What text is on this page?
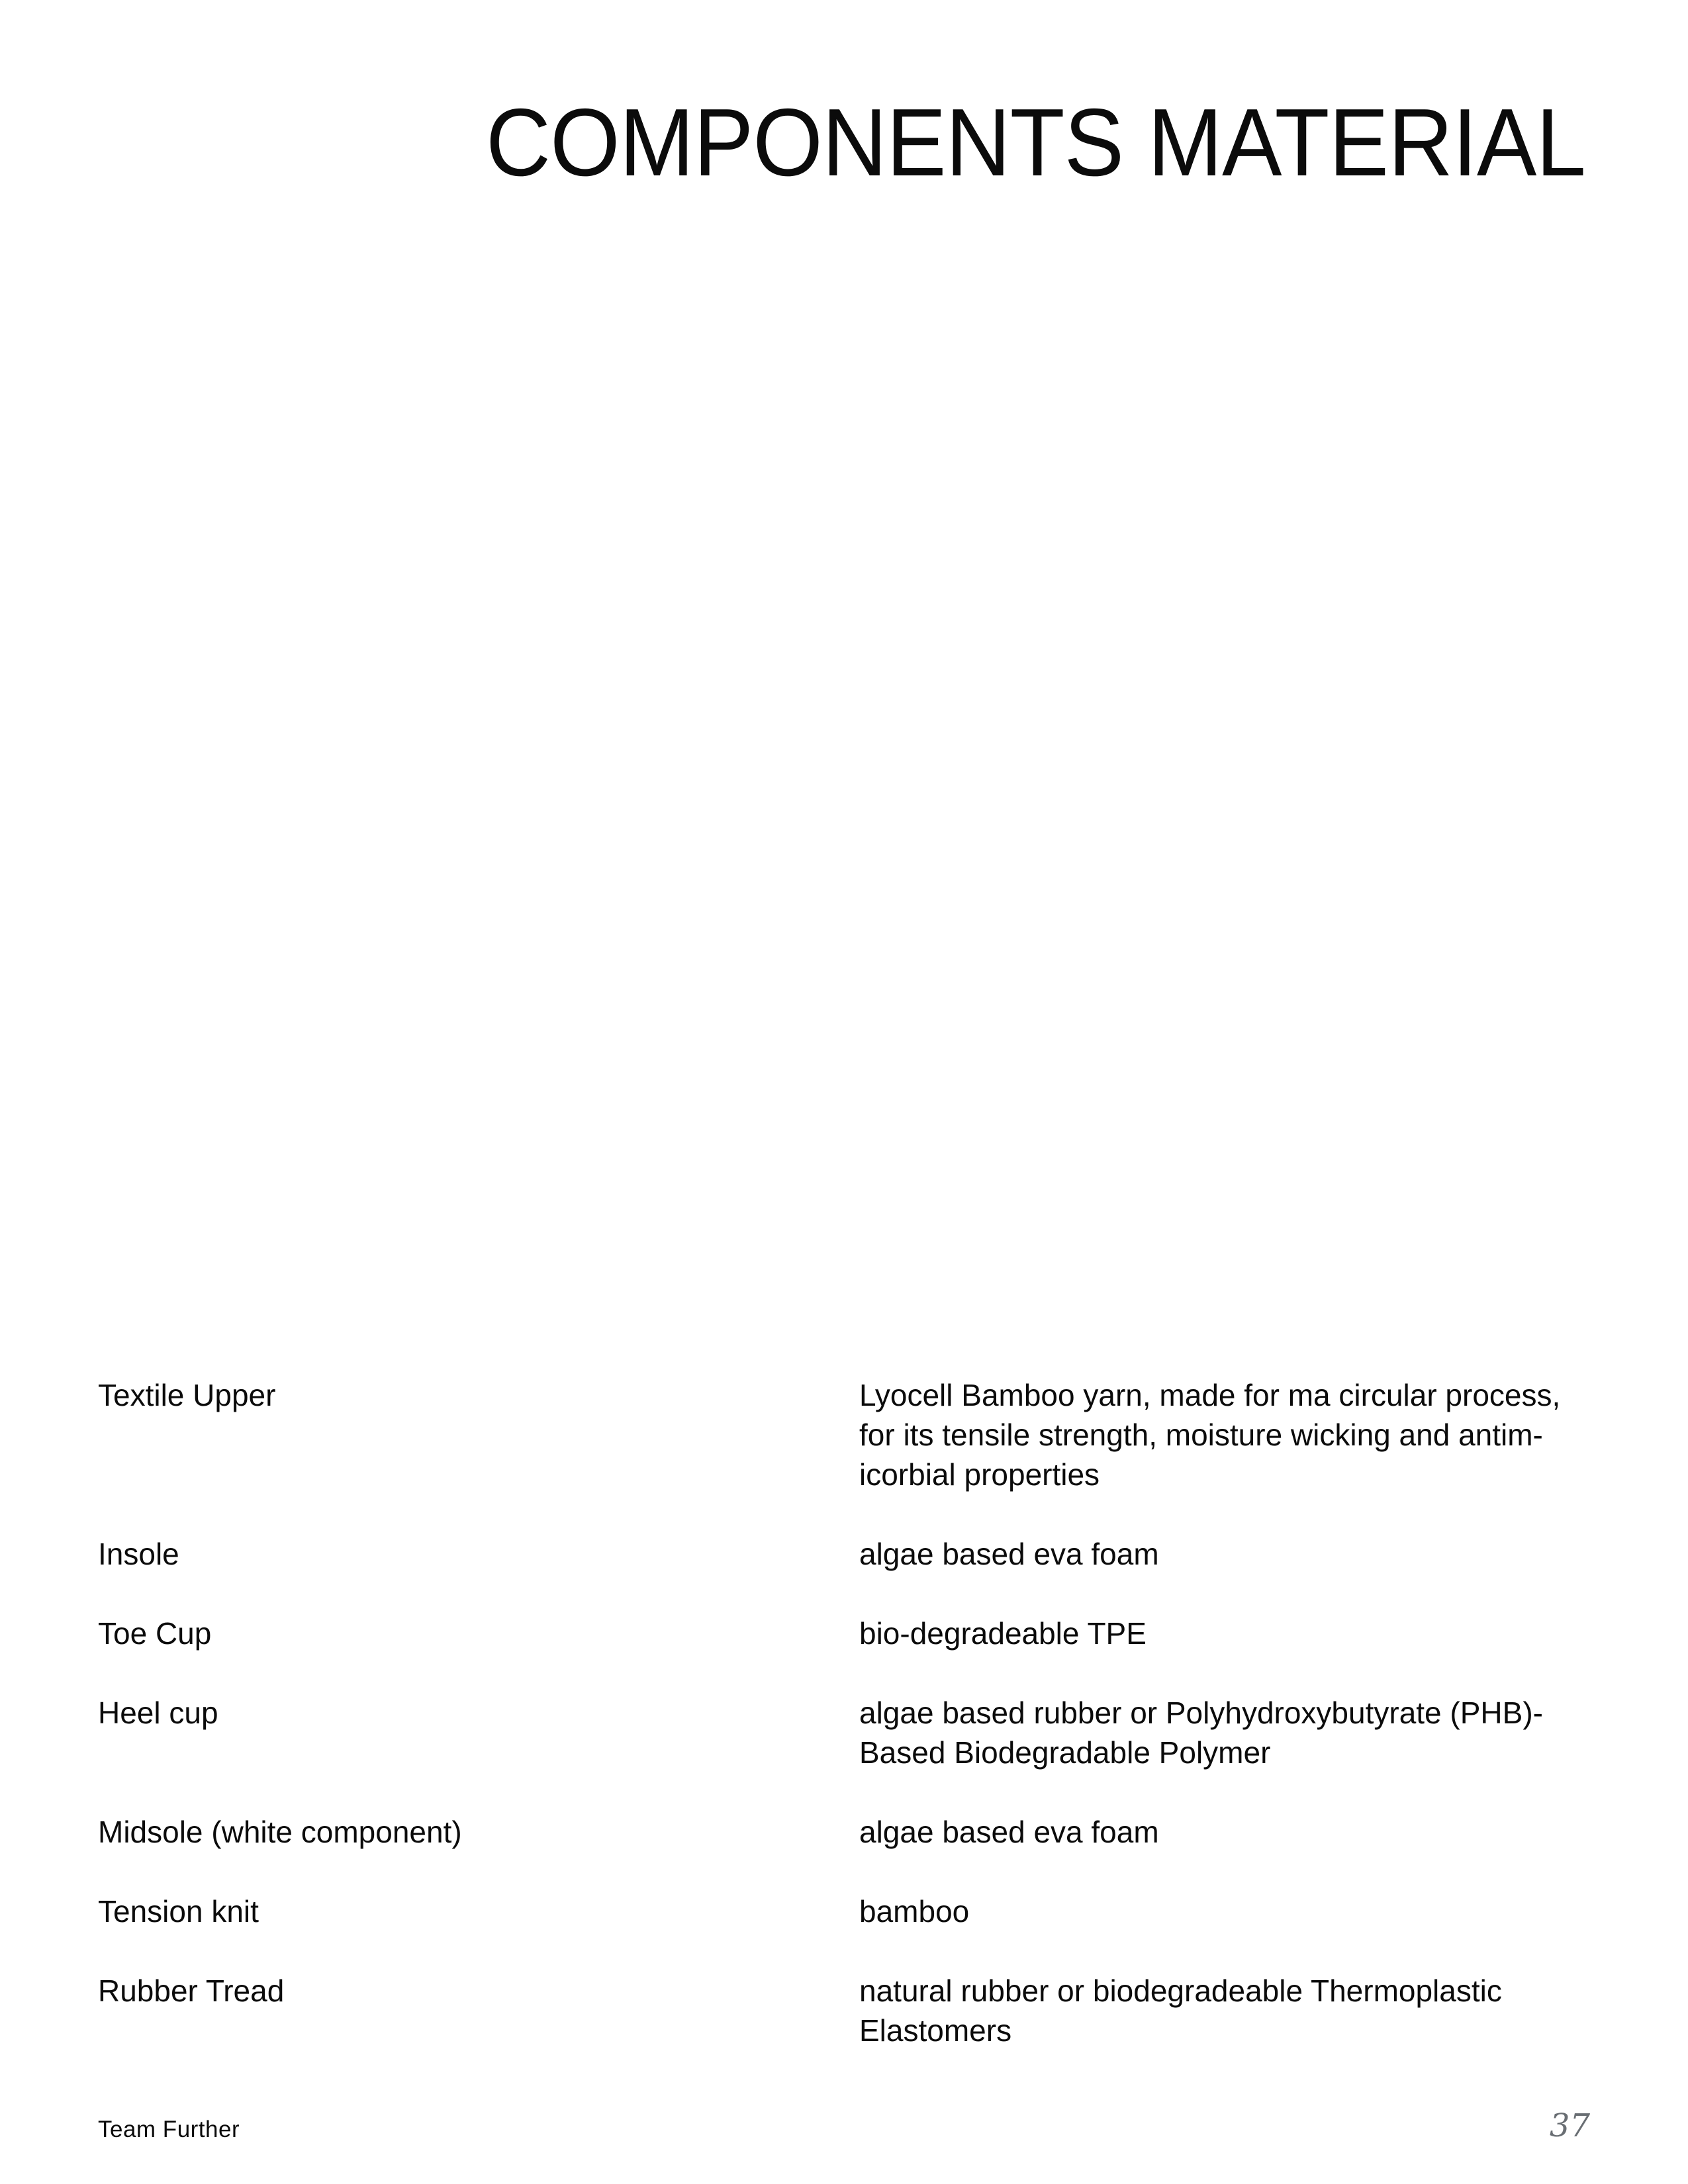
COMPONENTS MATERIAL
Textile Upper	Lyocell Bamboo yarn, made for ma circular process,
for its tensile strength, moisture wicking and antim-
icorbial properties
Insole	algae based eva foam
Toe Cup	bio-degradeable TPE
Heel cup	algae based rubber or Polyhydroxybutyrate (PHB)-
Based Biodegradable Polymer
Midsole (white component)	algae based eva foam
Tension knit	bamboo
Rubber Tread	natural rubber or biodegradeable Thermoplastic
Elastomers
Team Further	37
